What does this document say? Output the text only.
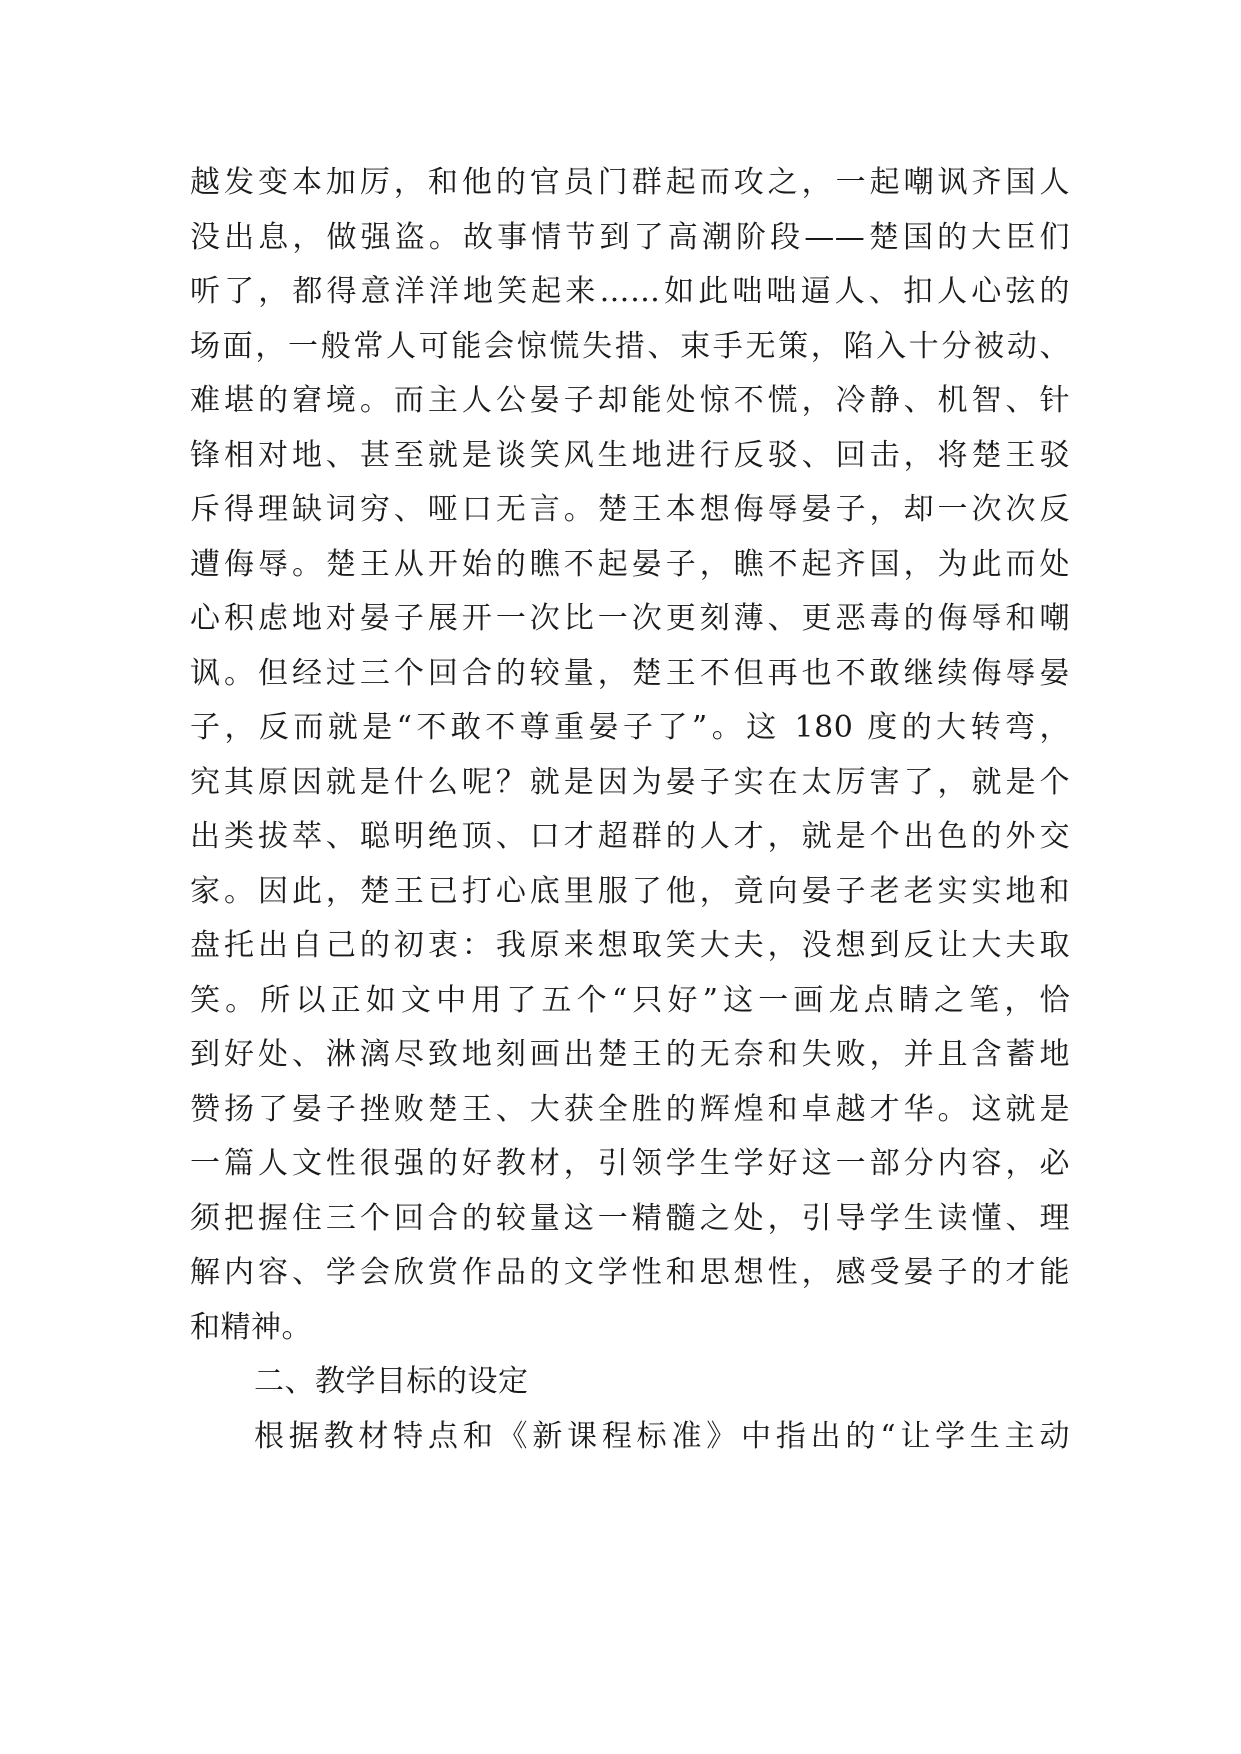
越发变本加厉，和他的官员门群起而攻之，一起嘲讽齐国人
没出息，做强盗。故事情节到了高潮阶段——楚国的大臣们
听了，都得意洋洋地笑起来……如此咄咄逼人、扣人心弦的
场面，一般常人可能会惊慌失措、束手无策，陷入十分被动、
难堪的窘境。而主人公晏子却能处惊不慌，冷静、机智、针
锋相对地、甚至就是谈笑风生地进行反驳、回击，将楚王驳
斥得理缺词穷、哑口无言。楚王本想侮辱晏子，却一次次反
遭侮辱。楚王从开始的瞧不起晏子，瞧不起齐国，为此而处
心积虑地对晏子展开一次比一次更刻薄、更恶毒的侮辱和嘲
讽。但经过三个回合的较量，楚王不但再也不敢继续侮辱晏
子，反而就是“不敢不尊重晏子了”。这 180 度的大转弯，
究其原因就是什么呢？就是因为晏子实在太厉害了，就是个
出类拔萃、聪明绝顶、口才超群的人才，就是个出色的外交
家。因此，楚王已打心底里服了他，竟向晏子老老实实地和
盘托出自己的初衷：我原来想取笑大夫，没想到反让大夫取
笑。所以正如文中用了五个“只好”这一画龙点睛之笔，恰
到好处、淋漓尽致地刻画出楚王的无奈和失败，并且含蓄地
赞扬了晏子挫败楚王、大获全胜的辉煌和卓越才华。这就是
一篇人文性很强的好教材，引领学生学好这一部分内容，必
须把握住三个回合的较量这一精髓之处，引导学生读懂、理
解内容、学会欣赏作品的文学性和思想性，感受晏子的才能
和精神。
二、教学目标的设定
根据教材特点和《新课程标准》中指出的“让学生主动
